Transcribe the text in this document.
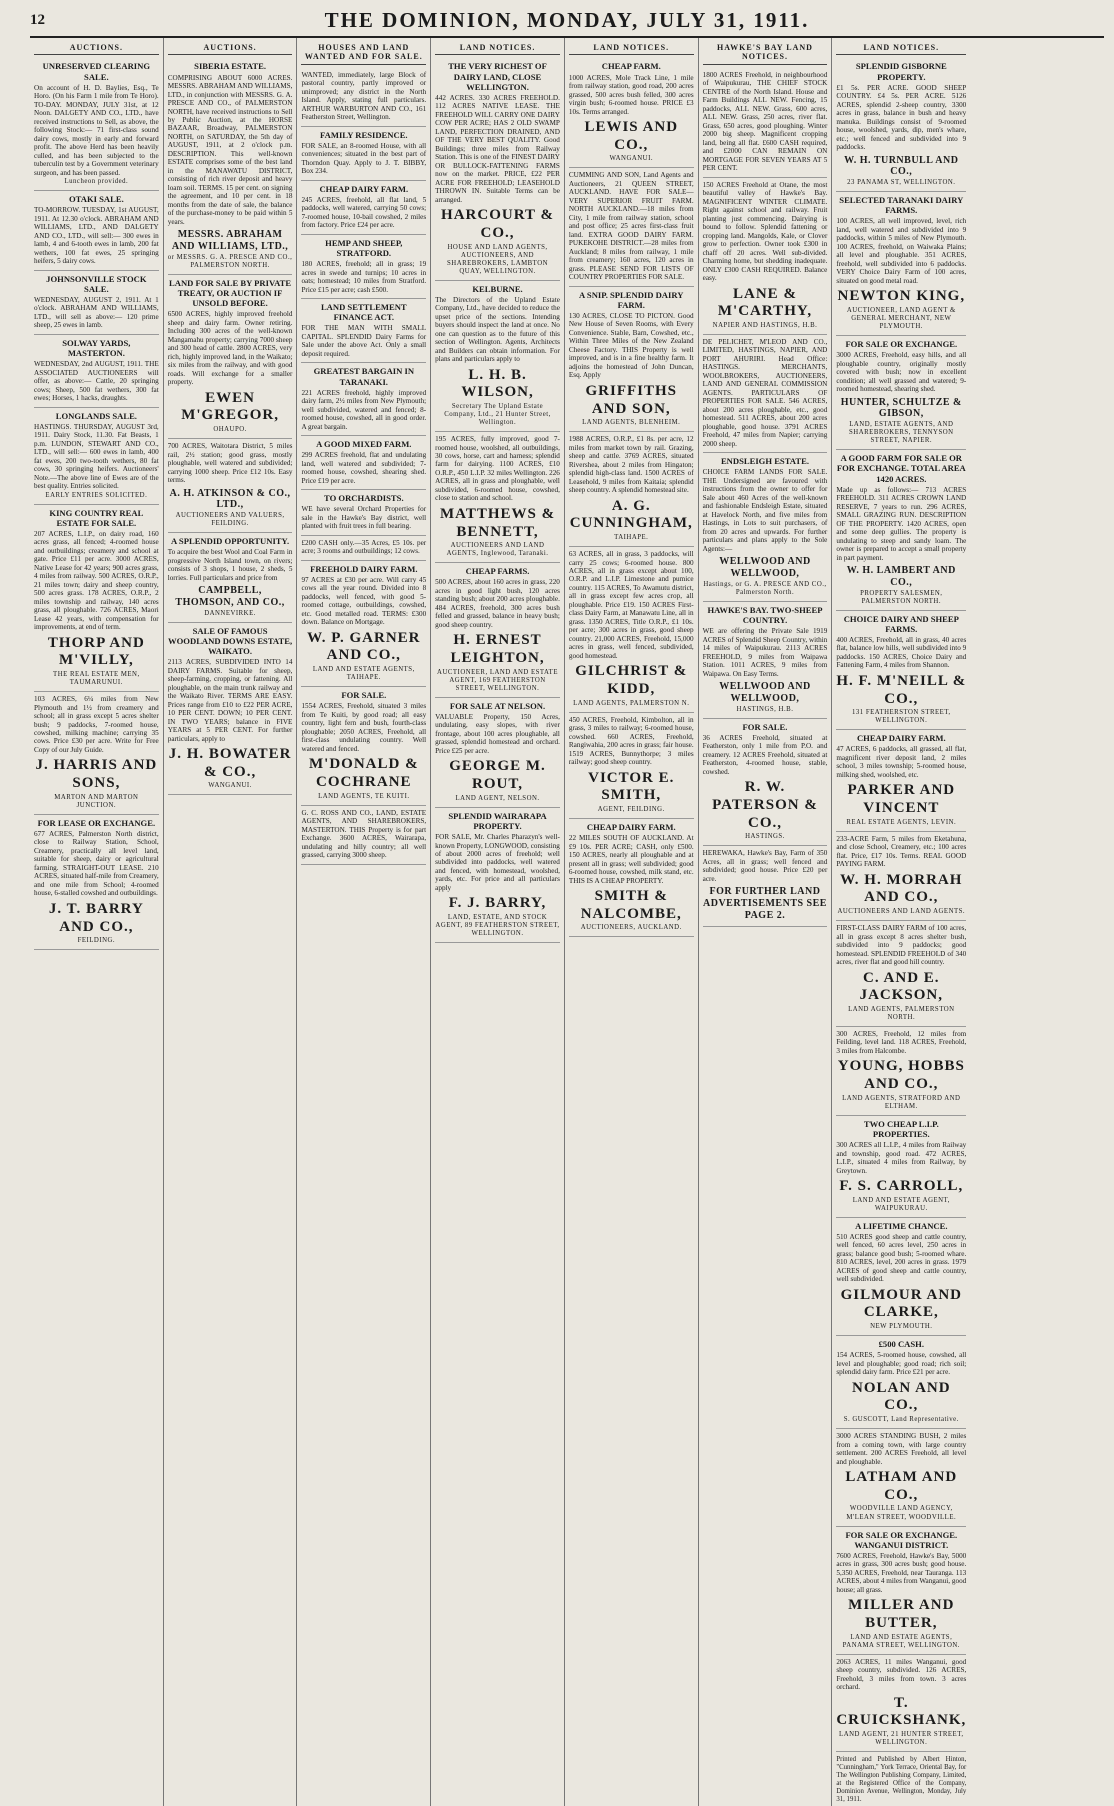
12	THE DOMINION, MONDAY, JULY 31, 1911.
AUCTIONS.
UNRESERVED CLEARING SALE.
On account of H. D. Baylies, Esq., Te Horo. (On his Farm 1 mile from Te Horo). TO-DAY. MONDAY, JULY 31st, at 12 Noon. DALGETY AND CO., LTD., have received instructions to Sell, as above, the following Stock:— 71 first-class sound dairy cows, mostly in early and forward profit. The above Herd has been heavily culled, and has been subjected to the tuberculin test by a Government veterinary surgeon, and has been passed.
Luncheon provided.
OTAKI SALE.
TO-MORROW. TUESDAY, 1st AUGUST, 1911. At 12.30 o'clock. ABRAHAM AND WILLIAMS, LTD., AND DALGETY AND CO., LTD., will sell:— 300 ewes in lamb, 4 and 6-tooth ewes in lamb, 200 fat wethers, 100 fat ewes, 25 springing heifers, 5 dairy cows.
JOHNSONVILLE STOCK SALE.
WEDNESDAY, AUGUST 2, 1911. At 1 o'clock. ABRAHAM AND WILLIAMS, LTD., will sell as above:— 120 prime sheep, 25 ewes in lamb.
SOLWAY YARDS, MASTERTON.
WEDNESDAY, 2nd AUGUST, 1911. THE ASSOCIATED AUCTIONEERS will offer, as above:— Cattle, 20 springing cows; Sheep, 500 fat wethers, 300 fat ewes; Horses, 1 hacks, draughts.
LONGLANDS SALE.
HASTINGS. THURSDAY, AUGUST 3rd, 1911. Dairy Stock, 11.30. Fat Beasts, 1 p.m. LUNDON, STEWART AND CO., LTD., will sell:— 600 ewes in lamb, 400 fat ewes, 200 two-tooth wethers, 80 fat cows, 30 springing heifers. Auctioneers' Note.—The above line of Ewes are of the best quality. Entries solicited.
EARLY ENTRIES SOLICITED.
KING COUNTRY REAL ESTATE FOR SALE.
207 ACRES, L.I.P., on dairy road, 160 acres grass, all fenced; 4-roomed house and outbuildings; creamery and school at gate. Price £11 per acre. 3000 ACRES, Native Lease for 42 years; 900 acres grass, 4 miles from railway. 500 ACRES, O.R.P., 21 miles town; dairy and sheep country, 500 acres grass. 178 ACRES, O.R.P., 2 miles township and railway, 140 acres grass, all ploughable. 726 ACRES, Maori Lease 42 years, with compensation for improvements, at end of term.
THORP AND M'VILLY,
THE REAL ESTATE MEN, TAUMARUNUI.
103 ACRES, 6¼ miles from New Plymouth and 1½ from creamery and school; all in grass except 5 acres shelter bush; 9 paddocks, 7-roomed house, cowshed, milking machine; carrying 35 cows. Price £30 per acre. Write for Free Copy of our July Guide.
J. HARRIS AND SONS,
MARTON AND MARTON JUNCTION.
FOR LEASE OR EXCHANGE.
677 ACRES, Palmerston North district, close to Railway Station, School, Creamery, practically all level land, suitable for sheep, dairy or agricultural farming. STRAIGHT-OUT LEASE. 210 ACRES, situated half-mile from Creamery, and one mile from School; 4-roomed house, 6-stalled cowshed and outbuildings.
J. T. BARRY AND CO.,
FEILDING.
AUCTIONS.
SIBERIA ESTATE.
COMPRISING ABOUT 6000 ACRES. MESSRS. ABRAHAM AND WILLIAMS, LTD., in conjunction with MESSRS. G. A. PRESCE AND CO., of PALMERSTON NORTH, have received instructions to Sell by Public Auction, at the HORSE BAZAAR, Broadway, PALMERSTON NORTH, on SATURDAY, the 5th day of AUGUST, 1911, at 2 o'clock p.m. DESCRIPTION. This well-known ESTATE comprises some of the best land in the MANAWATU DISTRICT, consisting of rich river deposit and heavy loam soil. TERMS. 15 per cent. on signing the agreement, and 10 per cent. in 18 months from the date of sale, the balance of the purchase-money to be paid within 5 years.
MESSRS. ABRAHAM AND WILLIAMS, LTD.,
or MESSRS. G. A. PRESCE AND CO., PALMERSTON NORTH.
LAND FOR SALE BY PRIVATE TREATY, OR AUCTION IF UNSOLD BEFORE.
6500 ACRES, highly improved freehold sheep and dairy farm. Owner retiring. Including 300 acres of the well-known Mangamahu property; carrying 7000 sheep and 300 head of cattle. 2800 ACRES, very rich, highly improved land, in the Waikato; six miles from the railway, and with good roads. Will exchange for a smaller property.
EWEN M'GREGOR,
OHAUPO.
700 ACRES, Waitotara District, 5 miles rail, 2½ station; good grass, mostly ploughable, well watered and subdivided; carrying 1000 sheep. Price £12 10s. Easy terms.
A. H. ATKINSON & CO., LTD.,
AUCTIONEERS AND VALUERS, FEILDING.
A SPLENDID OPPORTUNITY.
To acquire the best Wool and Coal Farm in progressive North Island town, on rivers; consists of 3 shops, 1 house, 2 sheds, 5 lorries. Full particulars and price from
CAMPBELL, THOMSON, AND CO.,
DANNEVIRKE.
SALE OF FAMOUS WOODLAND DOWNS ESTATE, WAIKATO.
2113 ACRES, SUBDIVIDED INTO 14 DAIRY FARMS. Suitable for sheep, sheep-farming, cropping, or fattening. All ploughable, on the main trunk railway and the Waikato River. TERMS ARE EASY. Prices range from £10 to £22 PER ACRE, 10 PER CENT. DOWN; 10 PER CENT. IN TWO YEARS; balance in FIVE YEARS at 5 PER CENT. For further particulars, apply to
J. H. BOWATER & CO.,
WANGANUI.
HOUSES AND LAND WANTED AND FOR SALE.
WANTED, immediately, large Block of pastoral country, partly improved or unimproved; any district in the North Island. Apply, stating full particulars. ARTHUR WARBURTON AND CO., 161 Featherston Street, Wellington.
FAMILY RESIDENCE.
FOR SALE, an 8-roomed House, with all conveniences; situated in the best part of Thorndon Quay. Apply to J. T. BIBBY, Box 234.
CHEAP DAIRY FARM.
245 ACRES, freehold, all flat land, 5 paddocks, well watered, carrying 50 cows; 7-roomed house, 10-bail cowshed, 2 miles from factory. Price £24 per acre.
HEMP AND SHEEP, STRATFORD.
180 ACRES, freehold; all in grass; 19 acres in swede and turnips; 10 acres in oats; homestead; 10 miles from Stratford. Price £15 per acre; cash £500.
LAND SETTLEMENT FINANCE ACT.
FOR THE MAN WITH SMALL CAPITAL. SPLENDID Dairy Farms for Sale under the above Act. Only a small deposit required.
GREATEST BARGAIN IN TARANAKI.
221 ACRES freehold, highly improved dairy farm, 2½ miles from New Plymouth; well subdivided, watered and fenced; 8-roomed house, cowshed, all in good order. A great bargain.
A GOOD MIXED FARM.
299 ACRES freehold, flat and undulating land, well watered and subdivided; 7-roomed house, cowshed, shearing shed. Price £19 per acre.
TO ORCHARDISTS.
WE have several Orchard Properties for sale in the Hawke's Bay district, well planted with fruit trees in full bearing.
£200 CASH only.—35 Acres, £5 10s. per acre; 3 rooms and outbuildings; 12 cows.
FREEHOLD DAIRY FARM.
97 ACRES at £30 per acre. Will carry 45 cows all the year round. Divided into 8 paddocks, well fenced, with good 5-roomed cottage, outbuildings, cowshed, etc. Good metalled road. TERMS: £300 down. Balance on Mortgage.
W. P. GARNER AND CO.,
LAND AND ESTATE AGENTS, TAIHAPE.
FOR SALE.
1554 ACRES, Freehold, situated 3 miles from Te Kuiti, by good road; all easy country, light fern and bush, fourth-class ploughable; 2050 ACRES, Freehold, all first-class undulating country. Well watered and fenced.
M'DONALD & COCHRANE
LAND AGENTS, TE KUITI.
G. C. ROSS AND CO., LAND, ESTATE AGENTS, AND SHAREBROKERS, MASTERTON. THIS Property is for part Exchange. 3600 ACRES, Wairarapa, undulating and hilly country; all well grassed, carrying 3000 sheep.
LAND NOTICES.
THE VERY RICHEST OF DAIRY LAND, CLOSE WELLINGTON.
442 ACRES. 330 ACRES FREEHOLD. 112 ACRES NATIVE LEASE. THE FREEHOLD WILL CARRY ONE DAIRY COW PER ACRE; HAS 2 OLD SWAMP LAND, PERFECTION DRAINED, AND OF THE VERY BEST QUALITY. Good Buildings; three miles from Railway Station. This is one of the FINEST DAIRY OR BULLOCK-FATTENING FARMS now on the market. PRICE, £22 PER ACRE FOR FREEHOLD; LEASEHOLD THROWN IN. Suitable Terms can be arranged.
HARCOURT & CO.,
HOUSE AND LAND AGENTS, AUCTIONEERS, AND SHAREBROKERS, LAMBTON QUAY, WELLINGTON.
KELBURNE.
The Directors of the Upland Estate Company, Ltd., have decided to reduce the upset price of the sections. Intending buyers should inspect the land at once. No one can question as to the future of this section of Wellington. Agents, Architects and Builders can obtain information. For plans and particulars apply to
L. H. B. WILSON,
Secretary The Upland Estate Company, Ltd., 21 Hunter Street, Wellington.
195 ACRES, fully improved, good 7-roomed house, woolshed, all outbuildings, 30 cows, horse, cart and harness; splendid farm for dairying. 1100 ACRES, £10 O.R.P., 450 L.I.P. 32 miles Wellington. 226 ACRES, all in grass and ploughable, well subdivided, 6-roomed house, cowshed, close to station and school.
MATTHEWS & BENNETT,
AUCTIONEERS AND LAND AGENTS, Inglewood, Taranaki.
CHEAP FARMS.
500 ACRES, about 160 acres in grass, 220 acres in good light bush, 120 acres standing bush; about 200 acres ploughable. 484 ACRES, freehold, 300 acres bush felled and grassed, balance in heavy bush; good sheep country.
H. ERNEST LEIGHTON,
AUCTIONEER, LAND AND ESTATE AGENT, 169 FEATHERSTON STREET, WELLINGTON.
FOR SALE AT NELSON.
VALUABLE Property, 150 Acres, undulating, easy slopes, with river frontage, about 100 acres ploughable, all grassed, splendid homestead and orchard. Price £25 per acre.
GEORGE M. ROUT,
LAND AGENT, NELSON.
SPLENDID WAIRARAPA PROPERTY.
FOR SALE, Mr. Charles Pharazyn's well-known Property, LONGWOOD, consisting of about 2000 acres of freehold; well subdivided into paddocks, well watered and fenced, with homestead, woolshed, yards, etc. For price and all particulars apply
F. J. BARRY,
LAND, ESTATE, AND STOCK AGENT, 89 FEATHERSTON STREET, WELLINGTON.
LAND NOTICES.
CHEAP FARM.
1000 ACRES, Mole Track Line, 1 mile from railway station, good road, 200 acres grassed, 500 acres bush felled, 300 acres virgin bush; 6-roomed house. PRICE £3 10s. Terms arranged.
LEWIS AND CO.,
WANGANUI.
CUMMING AND SON, Land Agents and Auctioneers, 21 QUEEN STREET, AUCKLAND. HAVE FOR SALE— VERY SUPERIOR FRUIT FARM. NORTH AUCKLAND.—18 miles from City, 1 mile from railway station, school and post office; 25 acres first-class fruit land. EXTRA GOOD DAIRY FARM. PUKEKOHE DISTRICT.—28 miles from Auckland; 8 miles from railway, 1 mile from creamery; 160 acres, 120 acres in grass. PLEASE SEND FOR LISTS OF COUNTRY PROPERTIES FOR SALE.
A SNIP. SPLENDID DAIRY FARM.
130 ACRES, CLOSE TO PICTON. Good New House of Seven Rooms, with Every Convenience. Stable, Barn, Cowshed, etc., Within Three Miles of the New Zealand Cheese Factory. THIS Property is well improved, and is in a fine healthy farm. It adjoins the homestead of John Duncan, Esq. Apply
GRIFFITHS AND SON,
LAND AGENTS, BLENHEIM.
1988 ACRES, O.R.P., £1 8s. per acre, 12 miles from market town by rail. Grazing, sheep and cattle. 3769 ACRES, situated Rivershea, about 2 miles from Hingaton; splendid high-class land. 1500 ACRES of Leasehold, 9 miles from Kaitaia; splendid sheep country. A splendid homestead site.
A. G. CUNNINGHAM,
TAIHAPE.
63 ACRES, all in grass, 3 paddocks, will carry 25 cows; 6-roomed house. 800 ACRES, all in grass except about 100, O.R.P. and L.I.P. Limestone and pumice country. 115 ACRES, To Awamutu district, all in grass except few acres crop, all ploughable. Price £19. 150 ACRES First-class Dairy Farm, at Manawatu Line, all in grass. 1350 ACRES, Title O.R.P., £1 10s. per acre; 300 acres in grass, good sheep country. 21,000 ACRES, Freehold, 15,000 acres in grass, well fenced, subdivided, good homestead.
GILCHRIST & KIDD,
LAND AGENTS, PALMERSTON N.
450 ACRES, Freehold, Kimbolton, all in grass, 3 miles to railway; 6-roomed house, cowshed. 660 ACRES, Freehold, Rangiwahia, 200 acres in grass; fair house. 1519 ACRES, Bunnythorpe; 3 miles railway; good sheep country.
VICTOR E. SMITH,
AGENT, FEILDING.
CHEAP DAIRY FARM.
22 MILES SOUTH OF AUCKLAND. At £9 10s. PER ACRE; CASH, only £500. 150 ACRES, nearly all ploughable and at present all in grass; well subdivided; good 6-roomed house, cowshed, milk stand, etc. THIS IS A CHEAP PROPERTY.
SMITH & NALCOMBE,
AUCTIONEERS, AUCKLAND.
HAWKE'S BAY LAND NOTICES.
1800 ACRES Freehold, in neighbourhood of Waipukurau, THE CHIEF STOCK CENTRE of the North Island. House and Farm Buildings ALL NEW. Fencing, 15 paddocks, ALL NEW. Grass, 600 acres, ALL NEW. Grass, 250 acres, river flat. Grass, 650 acres, good ploughing. Winter 2000 big sheep. Magnificent cropping land, being all flat. £600 CASH required, and £2000 CAN REMAIN ON MORTGAGE FOR SEVEN YEARS AT 5 PER CENT.
150 ACRES Freehold at Otane, the most beautiful valley of Hawke's Bay. MAGNIFICENT WINTER CLIMATE. Right against school and railway. Fruit planting just commencing. Dairying is bound to follow. Splendid fattening or cropping land. Mangolds, Kale, or Clover grow to perfection. Owner took £300 in chaff off 20 acres. Well sub-divided. Charming home, but shedding inadequate. ONLY £300 CASH REQUIRED. Balance easy.
LANE & M'CARTHY,
NAPIER AND HASTINGS, H.B.
DE PELICHET, M'LEOD AND CO., LIMITED, HASTINGS, NAPIER, AND PORT AHURIRI. Head Office: HASTINGS. MERCHANTS, WOOLBROKERS, AUCTIONEERS, LAND AND GENERAL COMMISSION AGENTS. PARTICULARS OF PROPERTIES FOR SALE. 546 ACRES, about 200 acres ploughable, etc., good homestead. 511 ACRES, about 200 acres ploughable, good house. 3791 ACRES Freehold, 47 miles from Napier; carrying 2000 sheep.
ENDSLEIGH ESTATE.
CHOICE FARM LANDS FOR SALE. THE Undersigned are favoured with instructions from the owner to offer for Sale about 460 Acres of the well-known and fashionable Endsleigh Estate, situated at Havelock North, and five miles from Hastings, in Lots to suit purchasers, of from 20 acres and upwards. For further particulars and plans apply to the Sole Agents:—
WELLWOOD AND WELLWOOD,
Hastings, or G. A. PRESCE AND CO., Palmerston North.
HAWKE'S BAY. TWO-SHEEP COUNTRY.
WE are offering the Private Sale 1919 ACRES of Splendid Sheep Country, within 14 miles of Waipukurau. 2113 ACRES FREEHOLD, 9 miles from Waipawa Station. 1011 ACRES, 9 miles from Waipawa. On Easy Terms.
WELLWOOD AND WELLWOOD,
HASTINGS, H.B.
FOR SALE.
36 ACRES Freehold, situated at Featherston, only 1 mile from P.O. and creamery. 12 ACRES Freehold, situated at Featherston, 4-roomed house, stable, cowshed.
R. W. PATERSON & CO.,
HASTINGS.
HEREWAKA, Hawke's Bay, Farm of 350 Acres, all in grass; well fenced and subdivided; good house. Price £20 per acre.
FOR FURTHER LAND ADVERTISEMENTS SEE PAGE 2.
LAND NOTICES.
SPLENDID GISBORNE PROPERTY.
£1 5s. PER ACRE. GOOD SHEEP COUNTRY. £4 5s. PER ACRE. 5126 ACRES, splendid 2-sheep country, 3300 acres in grass, balance in bush and heavy manuka. Buildings consist of 9-roomed house, woolshed, yards, dip, men's whare, etc.; well fenced and subdivided into 9 paddocks.
W. H. TURNBULL AND CO.,
23 PANAMA ST, WELLINGTON.
SELECTED TARANAKI DAIRY FARMS.
100 ACRES, all well improved, level, rich land, well watered and subdivided into 9 paddocks, within 5 miles of New Plymouth. 100 ACRES, freehold, on Waiwaka Plains; all level and ploughable. 351 ACRES, freehold, well subdivided into 6 paddocks. VERY Choice Dairy Farm of 100 acres, situated on good metal road.
NEWTON KING,
AUCTIONEER, LAND AGENT & GENERAL MERCHANT, NEW PLYMOUTH.
FOR SALE OR EXCHANGE.
3000 ACRES, Freehold, easy hills, and all ploughable country, originally mostly covered with bush; now in excellent condition; all well grassed and watered; 9-roomed homestead, shearing shed.
HUNTER, SCHULTZE & GIBSON,
LAND, ESTATE AGENTS, AND SHAREBROKERS, TENNYSON STREET, NAPIER.
A GOOD FARM FOR SALE OR FOR EXCHANGE. TOTAL AREA 1420 ACRES.
Made up as follows:— 713 ACRES FREEHOLD. 311 ACRES CROWN LAND RESERVE, 7 years to run. 296 ACRES, SMALL GRAZING RUN. DESCRIPTION OF THE PROPERTY. 1420 ACRES, open and some deep gullies. The property is undulating to steep and sandy loam. The owner is prepared to accept a small property in part payment.
W. H. LAMBERT AND CO.,
PROPERTY SALESMEN, PALMERSTON NORTH.
CHOICE DAIRY AND SHEEP FARMS.
400 ACRES, Freehold, all in grass, 40 acres flat, balance low hills, well subdivided into 9 paddocks. 150 ACRES, Choice Dairy and Fattening Farm, 4 miles from Shannon.
H. F. M'NEILL & CO.,
131 FEATHERSTON STREET, WELLINGTON.
CHEAP DAIRY FARM.
47 ACRES, 6 paddocks, all grassed, all flat, magnificent river deposit land, 2 miles school, 3 miles township; 5-roomed house, milking shed, woolshed, etc.
PARKER AND VINCENT
REAL ESTATE AGENTS, LEVIN.
233-ACRE Farm, 5 miles from Eketahuna, and close School, Creamery, etc.; 100 acres flat. Price, £17 10s. Terms. REAL GOOD PAYING FARM.
W. H. MORRAH AND CO.,
AUCTIONEERS AND LAND AGENTS.
FIRST-CLASS DAIRY FARM of 100 acres, all in grass except 8 acres shelter bush, subdivided into 9 paddocks; good homestead. SPLENDID FREEHOLD of 340 acres, river flat and good hill country.
C. AND E. JACKSON,
LAND AGENTS, PALMERSTON NORTH.
300 ACRES, Freehold, 12 miles from Feilding, level land. 118 ACRES, Freehold, 3 miles from Halcombe.
YOUNG, HOBBS AND CO.,
LAND AGENTS, STRATFORD AND ELTHAM.
TWO CHEAP L.I.P. PROPERTIES.
300 ACRES all L.I.P., 4 miles from Railway and township, good road. 472 ACRES, L.I.P., situated 4 miles from Railway, by Greytown.
F. S. CARROLL,
LAND AND ESTATE AGENT, WAIPUKURAU.
A LIFETIME CHANCE.
510 ACRES good sheep and cattle country, well fenced, 60 acres level, 250 acres in grass; balance good bush; 5-roomed whare. 810 ACRES, level, 200 acres in grass. 1979 ACRES of good sheep and cattle country, well subdivided.
GILMOUR AND CLARKE,
NEW PLYMOUTH.
£500 CASH.
154 ACRES, 5-roomed house, cowshed, all level and ploughable; good road; rich soil; splendid dairy farm. Price £21 per acre.
NOLAN AND CO.,
S. GUSCOTT, Land Representative.
3000 ACRES STANDING BUSH, 2 miles from a coming town, with large country settlement. 200 ACRES Freehold, all level and ploughable.
LATHAM AND CO.,
WOODVILLE LAND AGENCY, M'LEAN STREET, WOODVILLE.
FOR SALE OR EXCHANGE. WANGANUI DISTRICT.
7600 ACRES, Freehold, Hawke's Bay, 5000 acres in grass, 300 acres bush; good house. 5,350 ACRES, Freehold, near Tauranga. 113 ACRES, about 4 miles from Wanganui, good house; all grass.
MILLER AND BUTTER,
LAND AND ESTATE AGENTS, PANAMA STREET, WELLINGTON.
2063 ACRES, 11 miles Wanganui, good sheep country, subdivided. 126 ACRES, Freehold, 3 miles from town. 3 acres orchard.
T. CRUICKSHANK,
LAND AGENT, 21 HUNTER STREET, WELLINGTON.
Printed and Published by Albert Hinton, "Cunningham," York Terrace, Oriental Bay, for The Wellington Publishing Company, Limited, at the Registered Office of the Company, Dominion Avenue, Wellington, Monday, July 31, 1911.
